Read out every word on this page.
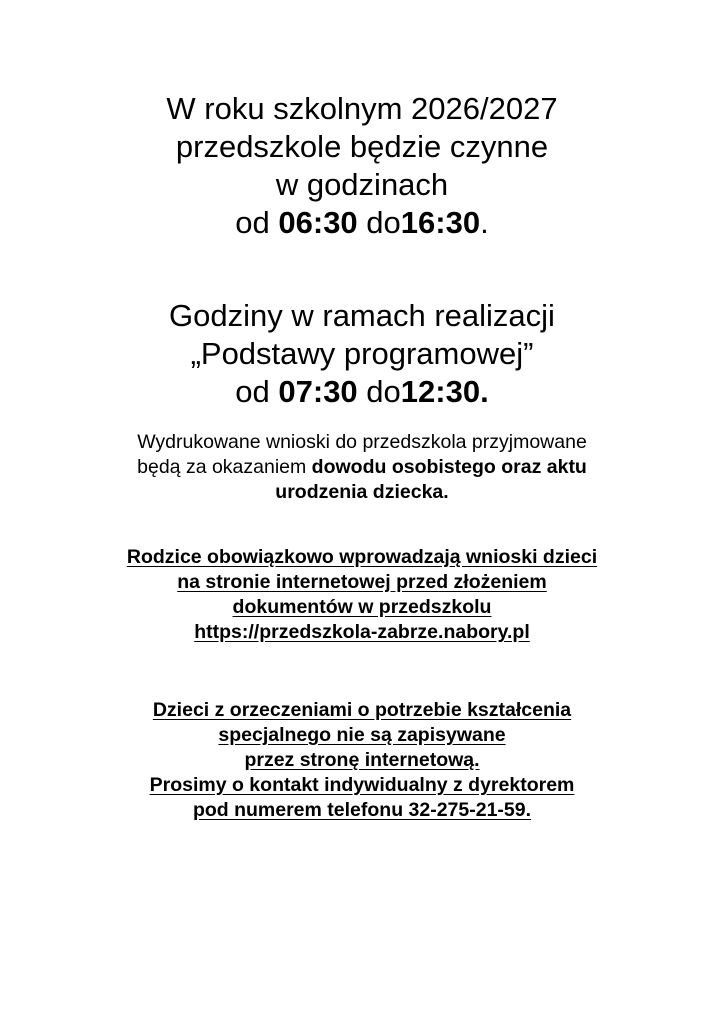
W roku szkolnym 2026/2027
przedszkole będzie czynne
w godzinach
od 06:30 do16:30.
Godziny w ramach realizacji
„Podstawy programowej”
od 07:30 do12:30.
Wydrukowane wnioski do przedszkola przyjmowane
będą za okazaniem dowodu osobistego oraz aktu
urodzenia dziecka.
Rodzice obowiązkowo wprowadzają wnioski dzieci
na stronie internetowej przed złożeniem
dokumentów w przedszkolu
https://przedszkola-zabrze.nabory.pl
Dzieci z orzeczeniami o potrzebie kształcenia
specjalnego nie są zapisywane
przez stronę internetową.
Prosimy o kontakt indywidualny z dyrektorem
pod numerem telefonu 32-275-21-59.
